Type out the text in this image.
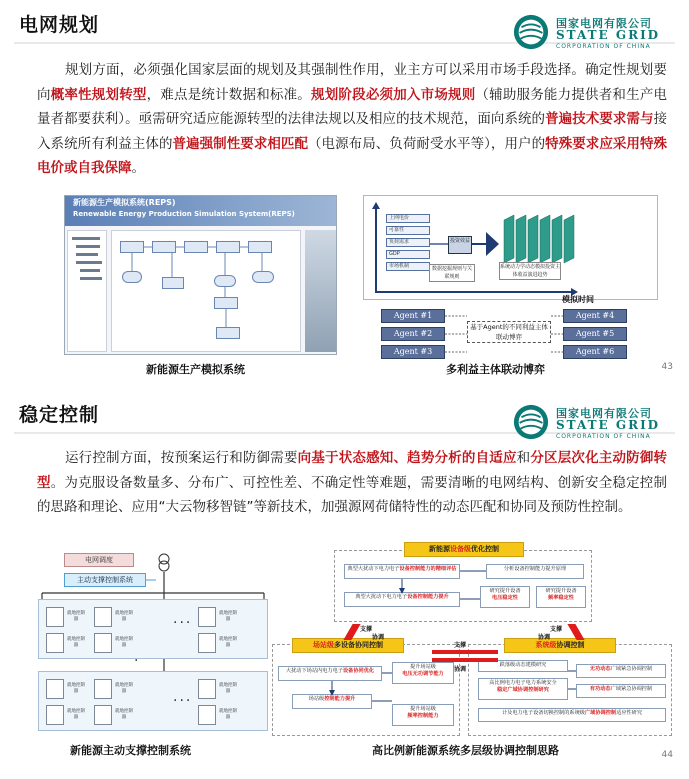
电网规划	国家电网有限公司
STATE GRID
CORPORATION OF CHINA
规划方面，必须强化国家层面的规划及其强制性作用，业主方可以采用市场手段选择。确定性规划要向概率性规划转型，难点是统计数据和标准。规划阶段必须加入市场规则（辅助服务能力提供者和生产电量者都要获利）。亟需研究适应能源转型的法律法规以及相应的技术规范，面向系统的普遍技术要求需与接入系统所有利益主体的普遍强制性要求相匹配（电源布局、负荷耐受水平等），用户的特殊要求应采用特殊电价或自我保障。
新能源生产模拟系统(REPS)
Renewable Energy Production Simulation System(REPS)
新能源生产模拟系统
上网电价
可靠性
负荷需求
GDP
市场机制
投资效益
数据挖掘规则与关联规则
系统动力学动态模拟投资主体收益演进趋势
模拟时间
Agent #1
Agent #2
Agent #3
Agent #4
Agent #5
Agent #6
基于Agent的不同利益主体联动博弈
多利益主体联动博弈	43
稳定控制	国家电网有限公司
STATE GRID
CORPORATION OF CHINA
运行控制方面，按预案运行和防御需要向基于状态感知、趋势分析的自适应和分区层次化主动防御转型。为克服设备数量多、分布广、可控性差、不确定性等难题，需要清晰的电网结构、创新安全稳定控制的思路和理论、应用“大云物移智链”等新技术，加强源网荷储特性的动态匹配和协同及预防性控制。
电网调度
主动支撑控制系统
就地控制器
就地控制器
就地控制器
就地控制器
就地控制器
就地控制器
就地控制器
就地控制器
就地控制器
就地控制器
就地控制器
就地控制器
···
···
·
新能源主动支撑控制系统
新能源设备级优化控制
场站级多设备协同控制	系统级协调控制
典型大扰动下电力电子设备控制能力的精细评估	分析设备控制能力提升原理
典型大扰动下电力电子设备控制能力提升
研究提升设备
电压稳定性
研究提升设备
频率稳定性
大扰动下场站内电力电子设备协同优化
提升场站级
电压无功调节能力
场站级控制能力提升
提升场站级
频率控制能力
跌落级动态建模研究
高比例电力电子电力系统安全
稳定广域协调控制研究
无功动态广域紧急协调控制
有功动态广域紧急协调控制
计及电力电子设备切换控制的系统级广域协调控制适应性研究
支撑
协调
支撑
协调
支撑
协调
高比例新能源系统多层级协调控制思路	44
